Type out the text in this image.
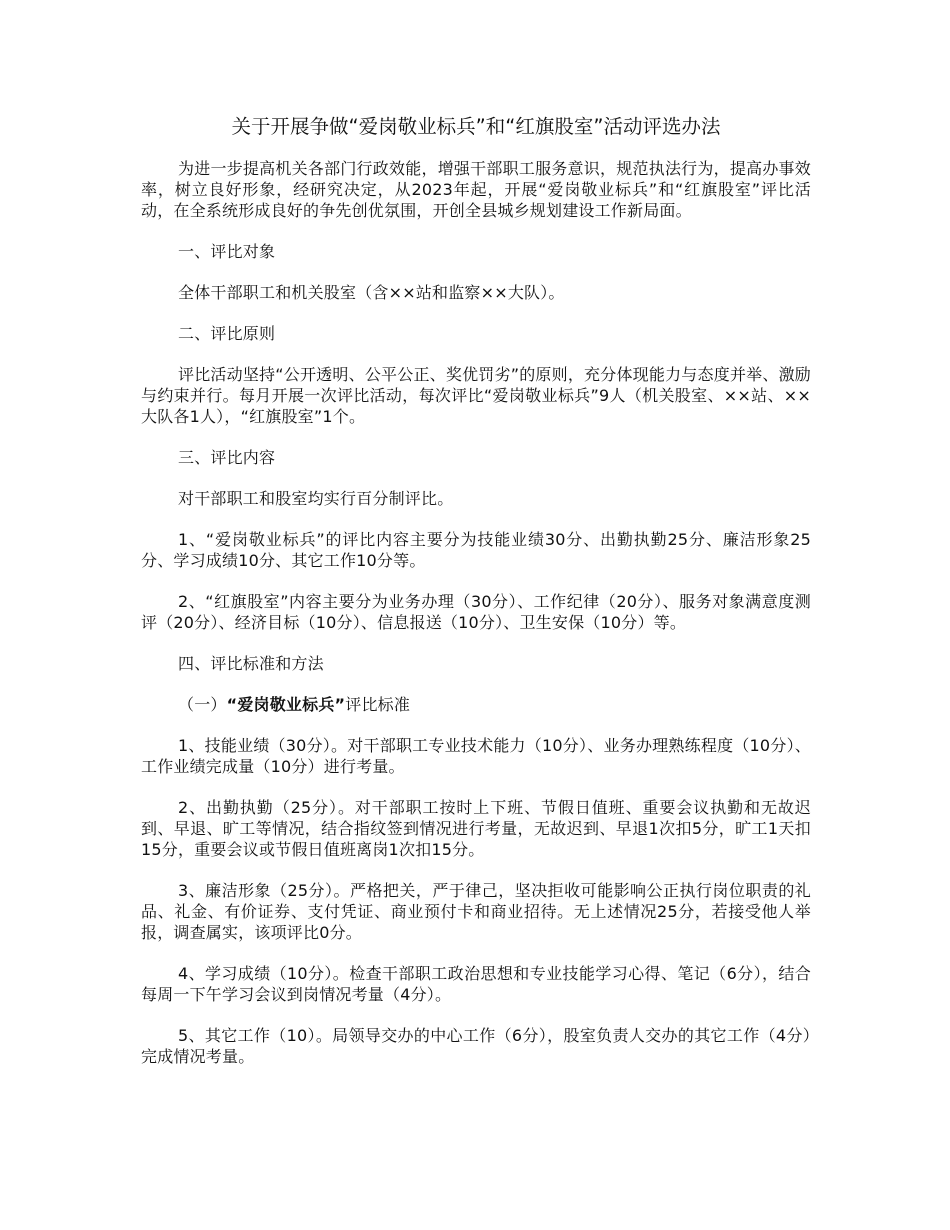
关于开展争做“爱岗敬业标兵”和“红旗股室”活动评选办法

为进一步提高机关各部门行政效能，增强干部职工服务意识，规范执法行为，提高办事效率，树立良好形象，经研究决定，从2023年起，开展“爱岗敬业标兵”和“红旗股室”评比活动，在全系统形成良好的争先创优氛围，开创全县城乡规划建设工作新局面。

一、评比对象

全体干部职工和机关股室（含××站和监察××大队）。

二、评比原则

评比活动坚持“公开透明、公平公正、奖优罚劣”的原则，充分体现能力与态度并举、激励与约束并行。每月开展一次评比活动，每次评比“爱岗敬业标兵”9人（机关股室、××站、××大队各1人），“红旗股室”1个。

三、评比内容

对干部职工和股室均实行百分制评比。

1、“爱岗敬业标兵”的评比内容主要分为技能业绩30分、出勤执勤25分、廉洁形象25分、学习成绩10分、其它工作10分等。

2、“红旗股室”内容主要分为业务办理（30分）、工作纪律（20分）、服务对象满意度测评（20分）、经济目标（10分）、信息报送（10分）、卫生安保（10分）等。

四、评比标准和方法

（一）“爱岗敬业标兵”评比标准

1、技能业绩（30分）。对干部职工专业技术能力（10分）、业务办理熟练程度（10分）、工作业绩完成量（10分）进行考量。

2、出勤执勤（25分）。对干部职工按时上下班、节假日值班、重要会议执勤和无故迟到、早退、旷工等情况，结合指纹签到情况进行考量，无故迟到、早退1次扣5分，旷工1天扣15分，重要会议或节假日值班离岗1次扣15分。

3、廉洁形象（25分）。严格把关，严于律己，坚决拒收可能影响公正执行岗位职责的礼品、礼金、有价证券、支付凭证、商业预付卡和商业招待。无上述情况25分，若接受他人举报，调查属实，该项评比0分。

4、学习成绩（10分）。检查干部职工政治思想和专业技能学习心得、笔记（6分），结合每周一下午学习会议到岗情况考量（4分）。

5、其它工作（10）。局领导交办的中心工作（6分），股室负责人交办的其它工作（4分）完成情况考量。
